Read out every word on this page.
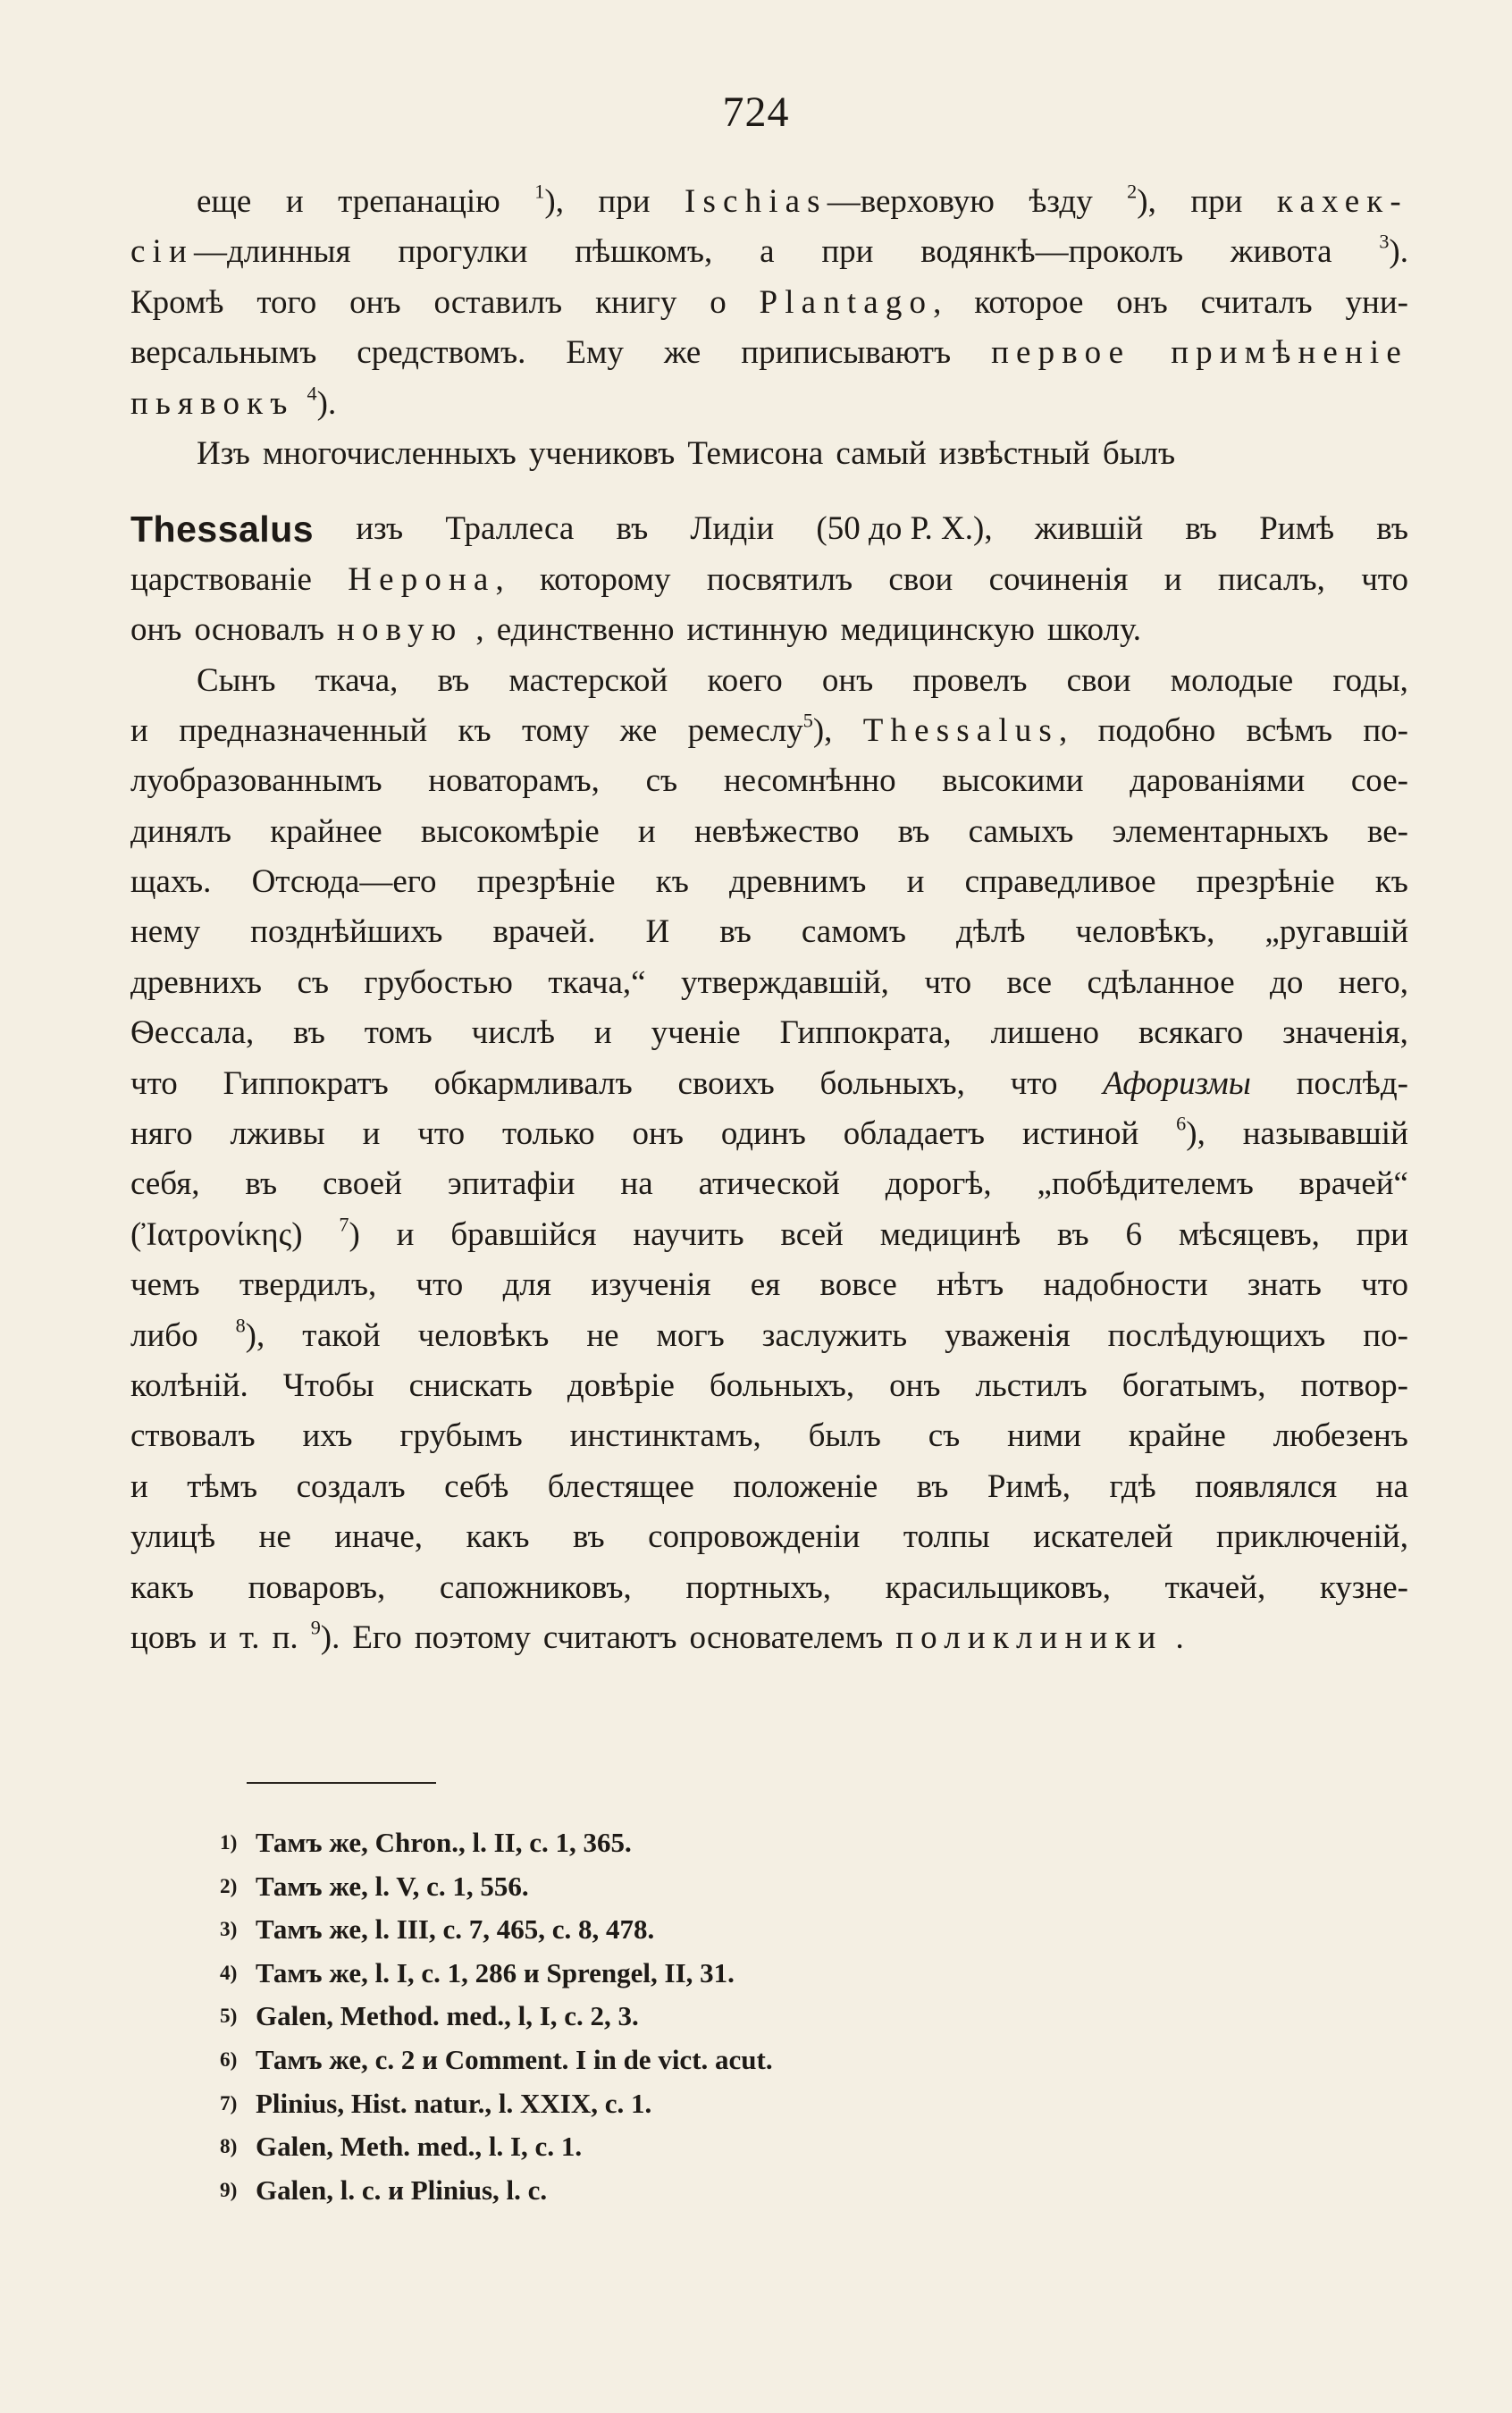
724
еще и трепанацію $^1$), при Ischias—верховую ѣзду $^2$), при кахек-
сіи—длинныя прогулки пѣшкомъ, а при водянкѣ—проколъ живота $^3$).
Кромѣ того онъ оставилъ книгу о Plantago, которое онъ считалъ уни-
версальнымъ средствомъ. Ему же приписываютъ первое примѣненіе
пьявокъ $^4$).
Изъ многочисленныхъ учениковъ Темисона самый извѣстный былъ
Thessalus изъ Траллеса въ Лидіи (50 до Р. Х.), жившій въ Римѣ въ
царствованіе Нерона, которому посвятилъ свои сочиненія и писалъ, что
онъ основалъ новую , единственно истинную медицинскую школу.
Сынъ ткача, въ мастерской коего онъ провелъ свои молодые годы,
и предназначенный къ тому же ремеслу$^5$), Thessalus, подобно всѣмъ по-
луобразованнымъ новаторамъ, съ несомнѣнно высокими дарованіями сое-
динялъ крайнее высокомѣріе и невѣжество въ самыхъ элементарныхъ ве-
щахъ. Отсюда—его презрѣніе къ древнимъ и справедливое презрѣніе къ
нему позднѣйшихъ врачей. И въ самомъ дѣлѣ человѣкъ, „ругавшій
древнихъ съ грубостью ткача,“ утверждавшій, что все сдѣланное до него,
Ѳессала, въ томъ числѣ и ученіе Гиппократа, лишено всякаго значенія,
что Гиппократъ обкармливалъ своихъ больныхъ, что Афоризмы послѣд-
няго лживы и что только онъ одинъ обладаетъ истиной $^6$), называвшій
себя, въ своей эпитафіи на атической дорогѣ, „побѣдителемъ врачей“
(Ἰατρονίκης) $^7$) и бравшійся научить всей медицинѣ въ 6 мѣсяцевъ, при
чемъ твердилъ, что для изученія ея вовсе нѣтъ надобности знать что
либо $^8$), такой человѣкъ не могъ заслужить уваженія послѣдующихъ по-
колѣній. Чтобы снискать довѣріе больныхъ, онъ льстилъ богатымъ, потвор-
ствовалъ ихъ грубымъ инстинктамъ, былъ съ ними крайне любезенъ
и тѣмъ создалъ себѣ блестящее положеніе въ Римѣ, гдѣ появлялся на
улицѣ не иначе, какъ въ сопровожденіи толпы искателей приключеній,
какъ поваровъ, сапожниковъ, портныхъ, красильщиковъ, ткачей, кузне-
цовъ и т. п. $^9$). Его поэтому считаютъ основателемъ поликлиники .
1) Тамъ же, Chron., l. II, c. 1, 365.
2) Тамъ же, l. V, c. 1, 556.
3) Тамъ же, l. III, c. 7, 465, c. 8, 478.
4) Тамъ же, l. I, c. 1, 286 и Sprengel, II, 31.
5) Galen, Method. med., l, I, c. 2, 3.
6) Тамъ же, c. 2 и Comment. I in de vict. acut.
7) Plinius, Hist. natur., l. XXIX, c. 1.
8) Galen, Meth. med., l. I, c. 1.
9) Galen, l. c. и Plinius, l. c.
